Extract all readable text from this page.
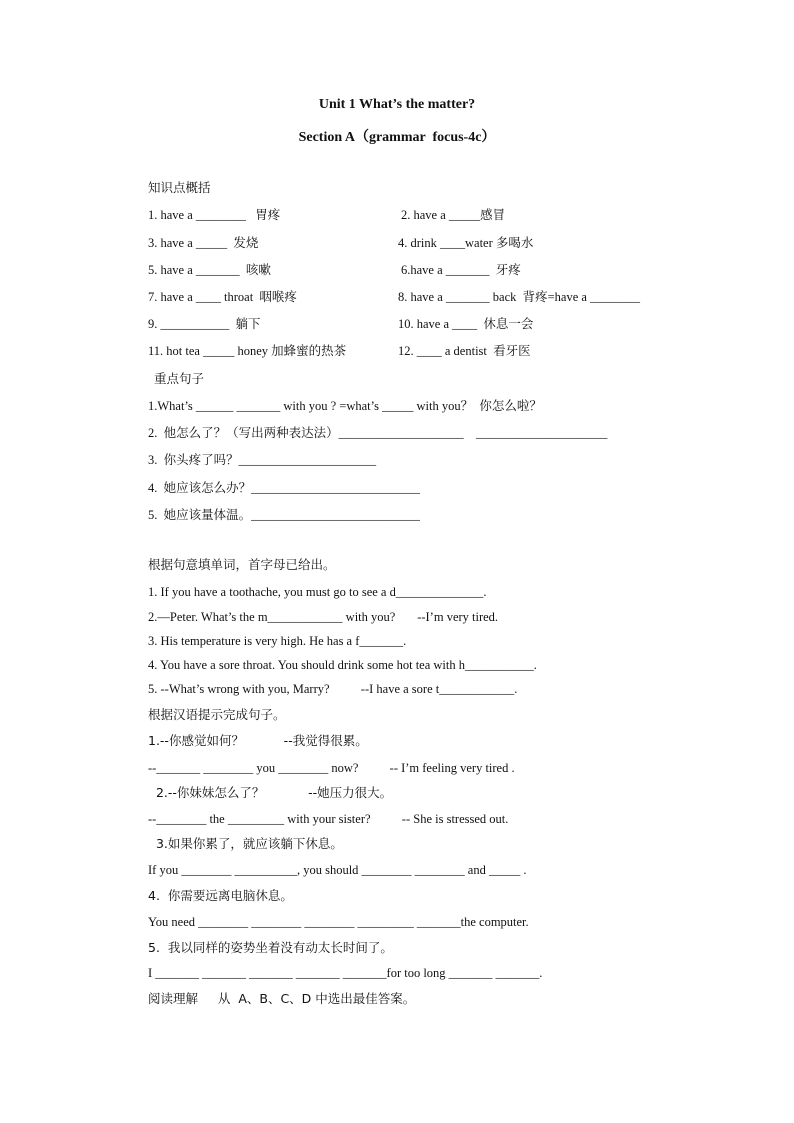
Unit 1 What’s the matter?
Section A（grammar  focus-4c）
知识点概括
1. have a ________   胃疼	2. have a _____感冒
3. have a _____  发烧	4. drink ____water 多喝水
5. have a _______  咳嗽	6.have a _______  牙疼
7. have a ____ throat  咽喉疼	8. have a _______ back  背疼=have a ________
9. ___________  躺下	10. have a ____  休息一会
11. hot tea _____ honey 加蜂蜜的热茶	12. ____ a dentist  看牙医
重点句子
1.What’s ______ _______ with you ? =what’s _____ with you？  你怎么啦？
2.  他怎么了？（写出两种表达法）____________________    _____________________
3.  你头疼了吗？______________________
4.  她应该怎么办？___________________________
5.  她应该量体温。___________________________
根据句意填单词，首字母已给出。
1. If you have a toothache, you must go to see a d______________.
2.—Peter. What’s the m____________ with you?       --I’m very tired.
3. His temperature is very high. He has a f_______.
4. You have a sore throat. You should drink some hot tea with h___________.
5. --What’s wrong with you, Marry?          --I have a sore t____________.
根据汉语提示完成句子。
1.--你感觉如何？          --我觉得很累。
--_______ ________ you ________ now?          -- I’m feeling very tired .
2.--你妹妹怎么了？           --她压力很大。
--________ the _________ with your sister?          -- She is stressed out.
3.如果你累了，就应该躺下休息。
If you ________ __________, you should ________ ________ and _____ .
4.  你需要远离电脑休息。
You need ________ ________ ________ _________ _______the computer.
5.  我以同样的姿势坐着没有动太长时间了。
I _______ _______ _______ _______ _______for too long _______ _______.
阅读理解     从  A、B、C、D 中选出最佳答案。
